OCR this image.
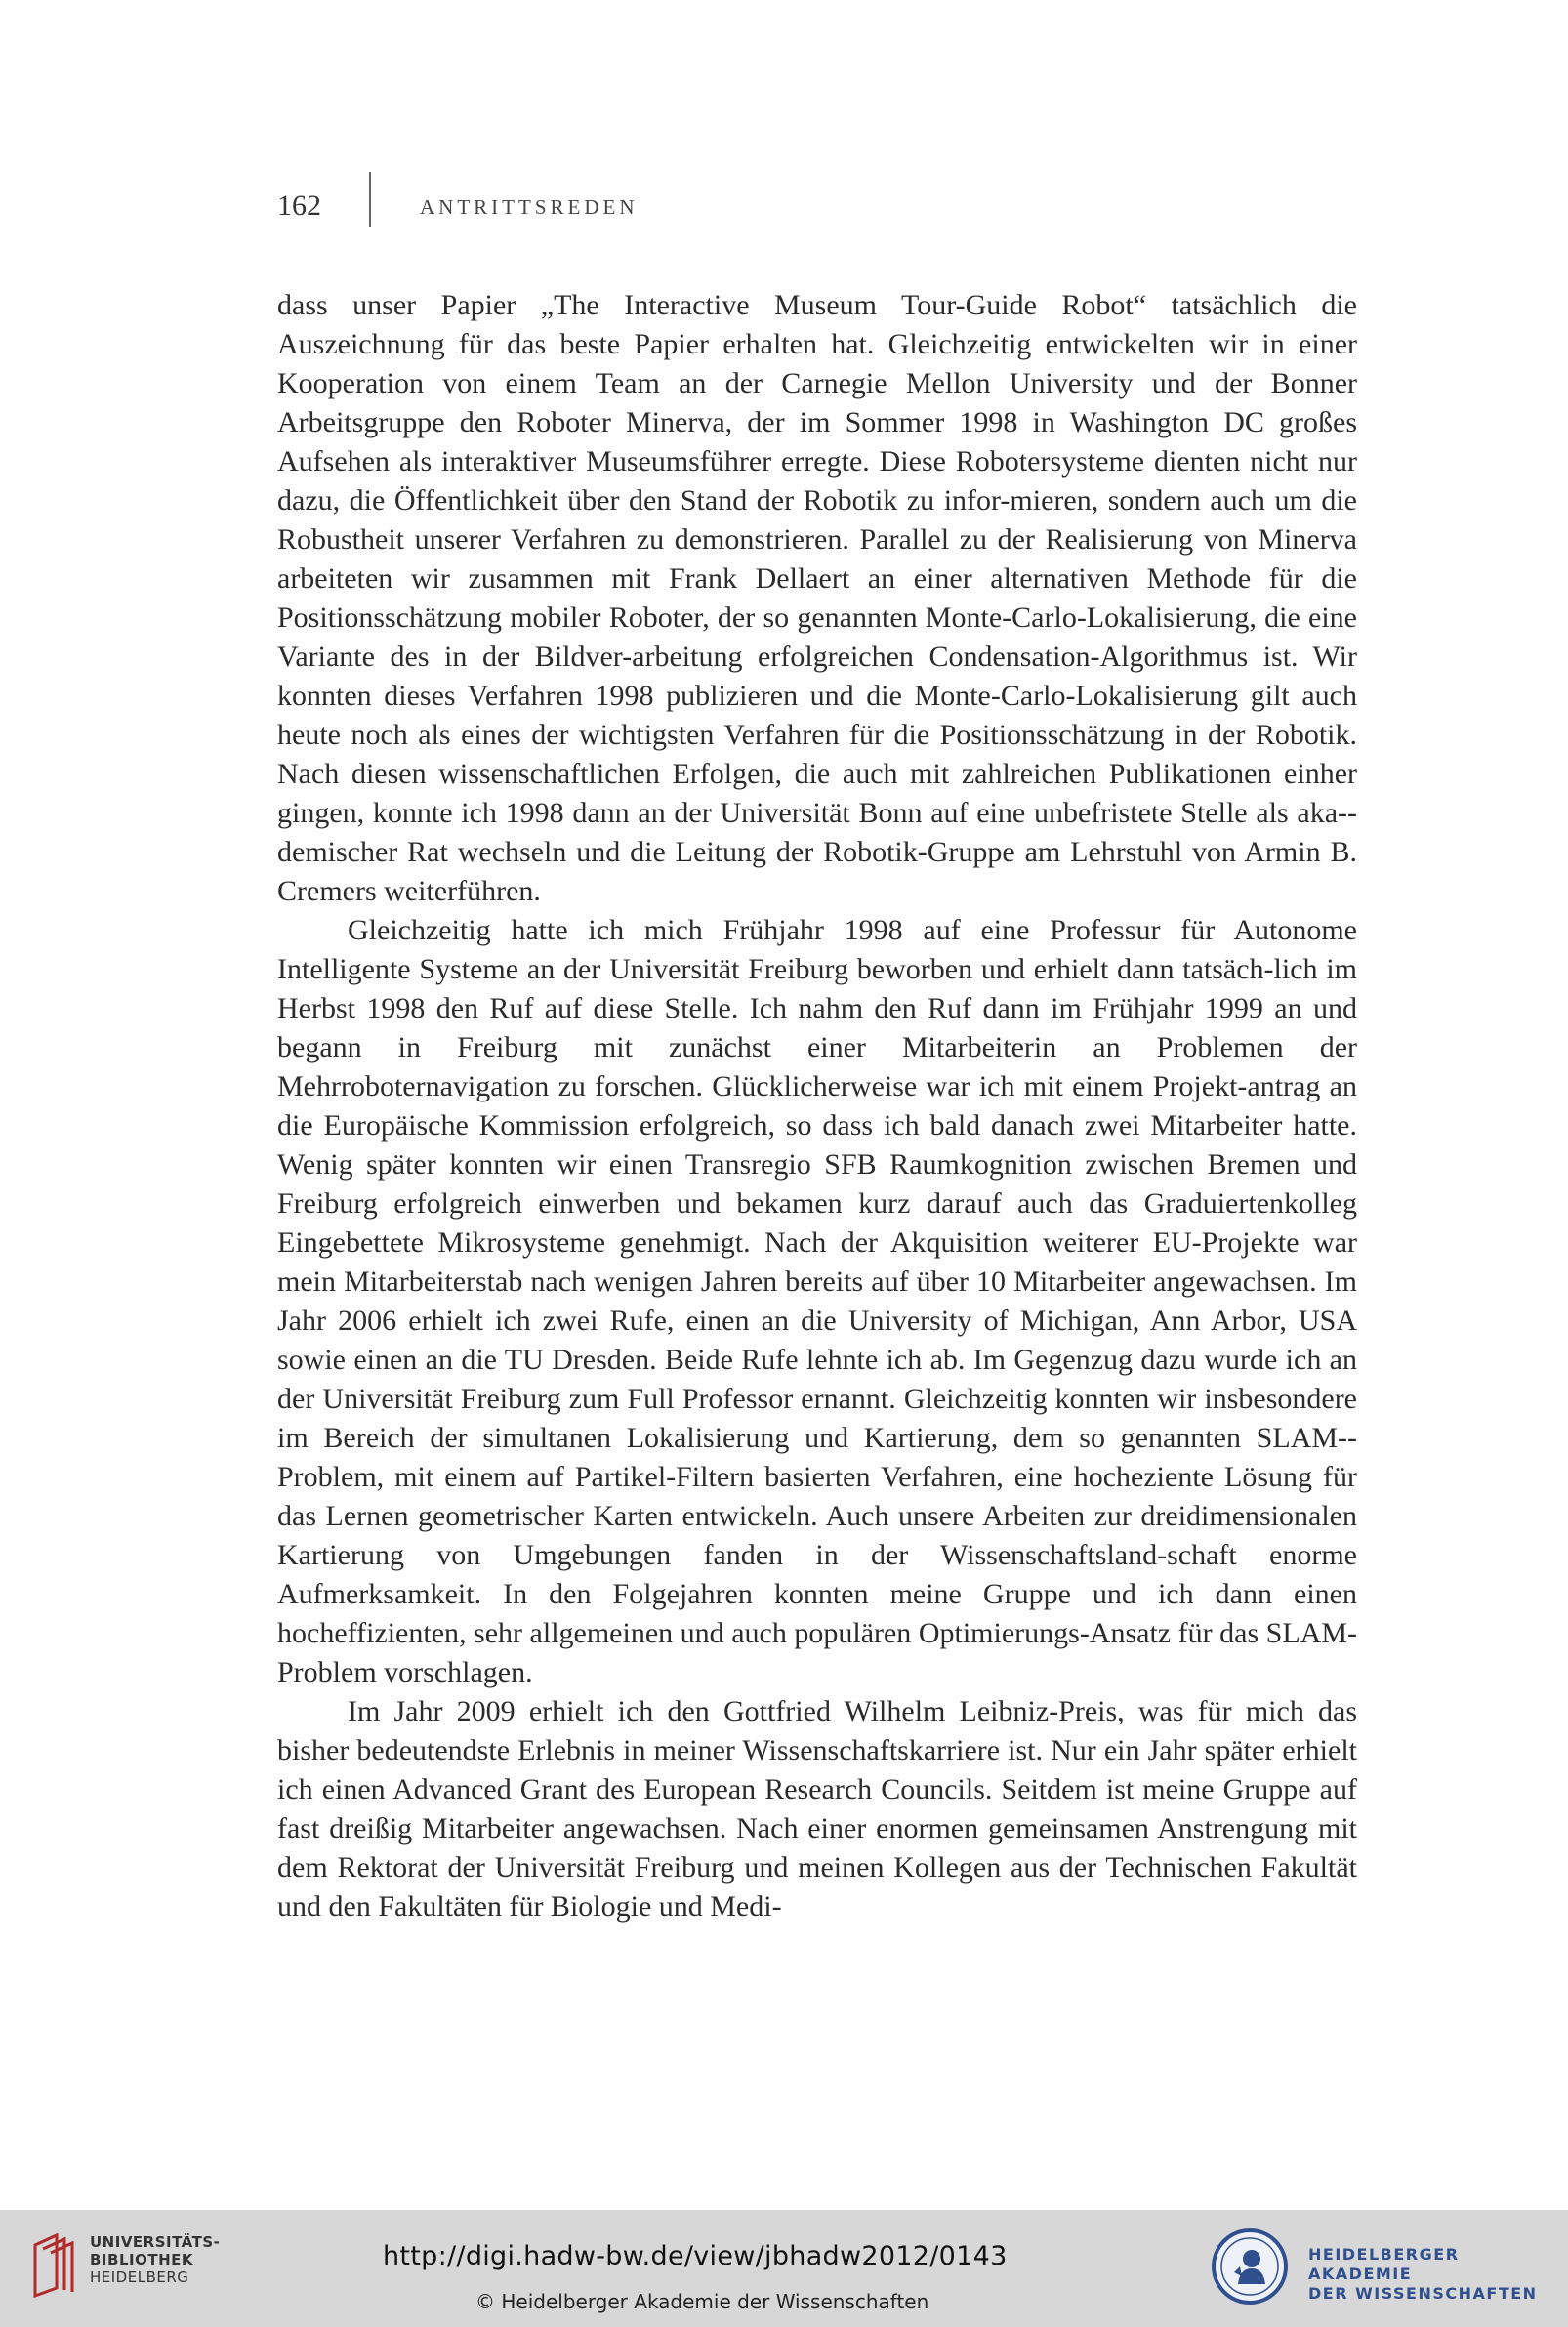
162	ANTRITTSREDEN

dass unser Papier „The Interactive Museum Tour-Guide Robot“ tatsächlich die Auszeichnung für das beste Papier erhalten hat. Gleichzeitig entwickelten wir in einer Kooperation von einem Team an der Carnegie Mellon University und der Bonner Arbeitsgruppe den Roboter Minerva, der im Sommer 1998 in Washington DC großes Aufsehen als interaktiver Museumsführer erregte. Diese Robotersysteme dienten nicht nur dazu, die Öffentlichkeit über den Stand der Robotik zu infor-mieren, sondern auch um die Robustheit unserer Verfahren zu demonstrieren. Parallel zu der Realisierung von Minerva arbeiteten wir zusammen mit Frank Dellaert an einer alternativen Methode für die Positionsschätzung mobiler Roboter, der so genannten Monte-Carlo-Lokalisierung, die eine Variante des in der Bildver-arbeitung erfolgreichen Condensation-Algorithmus ist. Wir konnten dieses Verfahren 1998 publizieren und die Monte-Carlo-Lokalisierung gilt auch heute noch als eines der wichtigsten Verfahren für die Positionsschätzung in der Robotik. Nach diesen wissenschaftlichen Erfolgen, die auch mit zahlreichen Publikationen einher gingen, konnte ich 1998 dann an der Universität Bonn auf eine unbefristete Stelle als aka-demischer Rat wechseln und die Leitung der Robotik-Gruppe am Lehrstuhl von Armin B. Cremers weiterführen.

Gleichzeitig hatte ich mich Frühjahr 1998 auf eine Professur für Autonome Intelligente Systeme an der Universität Freiburg beworben und erhielt dann tatsäch-lich im Herbst 1998 den Ruf auf diese Stelle. Ich nahm den Ruf dann im Frühjahr 1999 an und begann in Freiburg mit zunächst einer Mitarbeiterin an Problemen der Mehrroboternavigation zu forschen. Glücklicherweise war ich mit einem Projekt-antrag an die Europäische Kommission erfolgreich, so dass ich bald danach zwei Mitarbeiter hatte. Wenig später konnten wir einen Transregio SFB Raumkognition zwischen Bremen und Freiburg erfolgreich einwerben und bekamen kurz darauf auch das Graduiertenkolleg Eingebettete Mikrosysteme genehmigt. Nach der Akquisition weiterer EU-Projekte war mein Mitarbeiterstab nach wenigen Jahren bereits auf über 10 Mitarbeiter angewachsen. Im Jahr 2006 erhielt ich zwei Rufe, einen an die University of Michigan, Ann Arbor, USA sowie einen an die TU Dresden. Beide Rufe lehnte ich ab. Im Gegenzug dazu wurde ich an der Universität Freiburg zum Full Professor ernannt. Gleichzeitig konnten wir insbesondere im Bereich der simultanen Lokalisierung und Kartierung, dem so genannten SLAM-Problem, mit einem auf Partikel-Filtern basierten Verfahren, eine hocheziente Lösung für das Lernen geometrischer Karten entwickeln. Auch unsere Arbeiten zur dreidimensionalen Kartierung von Umgebungen fanden in der Wissenschaftsland-schaft enorme Aufmerksamkeit. In den Folgejahren konnten meine Gruppe und ich dann einen hocheffizienten, sehr allgemeinen und auch populären Optimierungs-Ansatz für das SLAM-Problem vorschlagen.

Im Jahr 2009 erhielt ich den Gottfried Wilhelm Leibniz-Preis, was für mich das bisher bedeutendste Erlebnis in meiner Wissenschaftskarriere ist. Nur ein Jahr später erhielt ich einen Advanced Grant des European Research Councils. Seitdem ist meine Gruppe auf fast dreißig Mitarbeiter angewachsen. Nach einer enormen gemeinsamen Anstrengung mit dem Rektorat der Universität Freiburg und meinen Kollegen aus der Technischen Fakultät und den Fakultäten für Biologie und Medi-

UNIVERSITÄTS-
BIBLIOTHEK
HEIDELBERG
http://digi.hadw-bw.de/view/jbhadw2012/0143
© Heidelberger Akademie der Wissenschaften
HEIDELBERGER AKADEMIE
DER WISSENSCHAFTEN
